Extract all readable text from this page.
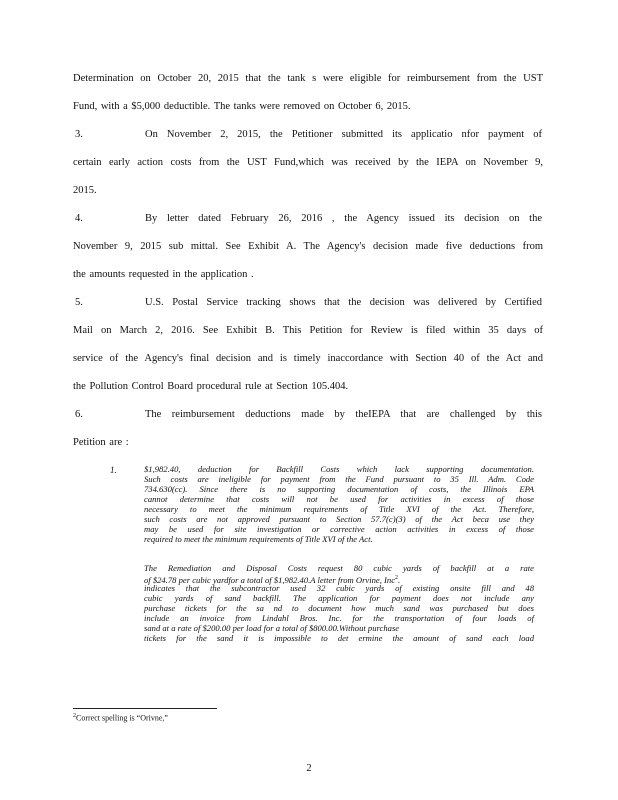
Determination on October 20, 2015 that the tank s were eligible for reimbursement from the UST
Fund, with a $5,000 deductible. The tanks were removed on October 6, 2015.
3.	On November 2, 2015, the Petitioner submitted its applicatio nfor payment of
certain early action costs from the UST Fund,which was received by the IEPA on November 9,
2015.
4.	By letter dated February 26, 2016 , the Agency issued its decision on the
November 9, 2015 sub mittal. See Exhibit A. The Agency's decision made five deductions from
the amounts requested in the application .
5.	U.S. Postal Service tracking shows that the decision was delivered by Certified
Mail on March 2, 2016. See Exhibit B. This Petition for Review is filed within 35 days of
service of the Agency's final decision and is timely inaccordance with Section 40 of the Act and
the Pollution Control Board procedural rule at Section 105.404.
6.	The reimbursement deductions made by theIEPA that are challenged by this
Petition are :
1.	$1,982.40, deduction for Backfill Costs which lack supporting documentation.
Such costs are ineligible for payment from the Fund pursuant to 35 Ill. Adm. Code
734.630(cc). Since there is no supporting documentation of costs, the Illinois EPA
cannot determine that costs will not be used for activities in excess of those
necessary to meet the minimum requirements of Title XVI of the Act. Therefore,
such costs are not approved pursuant to Section 57.7(c)(3) of the Act beca use they
may be used for site investigation or corrective action activities in excess of those
required to meet the minimum requirements of Title XVI of the Act.
The Remediation and Disposal Costs request 80 cubic yards of backfill at a rate
of $24.78 per cubic yardfor a total of $1,982.40.A letter from Orvine, Inc$^2$.
indicates that the subcontractor used 32 cubic yards of existing onsite fill and 48
cubic yards of sand backfill. The application for payment does not include any
purchase tickets for the sa nd to document how much sand was purchased but does
include an invoice from Lindahl Bros. Inc. for the transportation of four loads of
sand at a rate of $200.00 per load for a total of $800.00.Without purchase
tickets for the sand it is impossible to det ermine the amount of sand each load
$^2$Correct spelling is “Orivne,”
2
